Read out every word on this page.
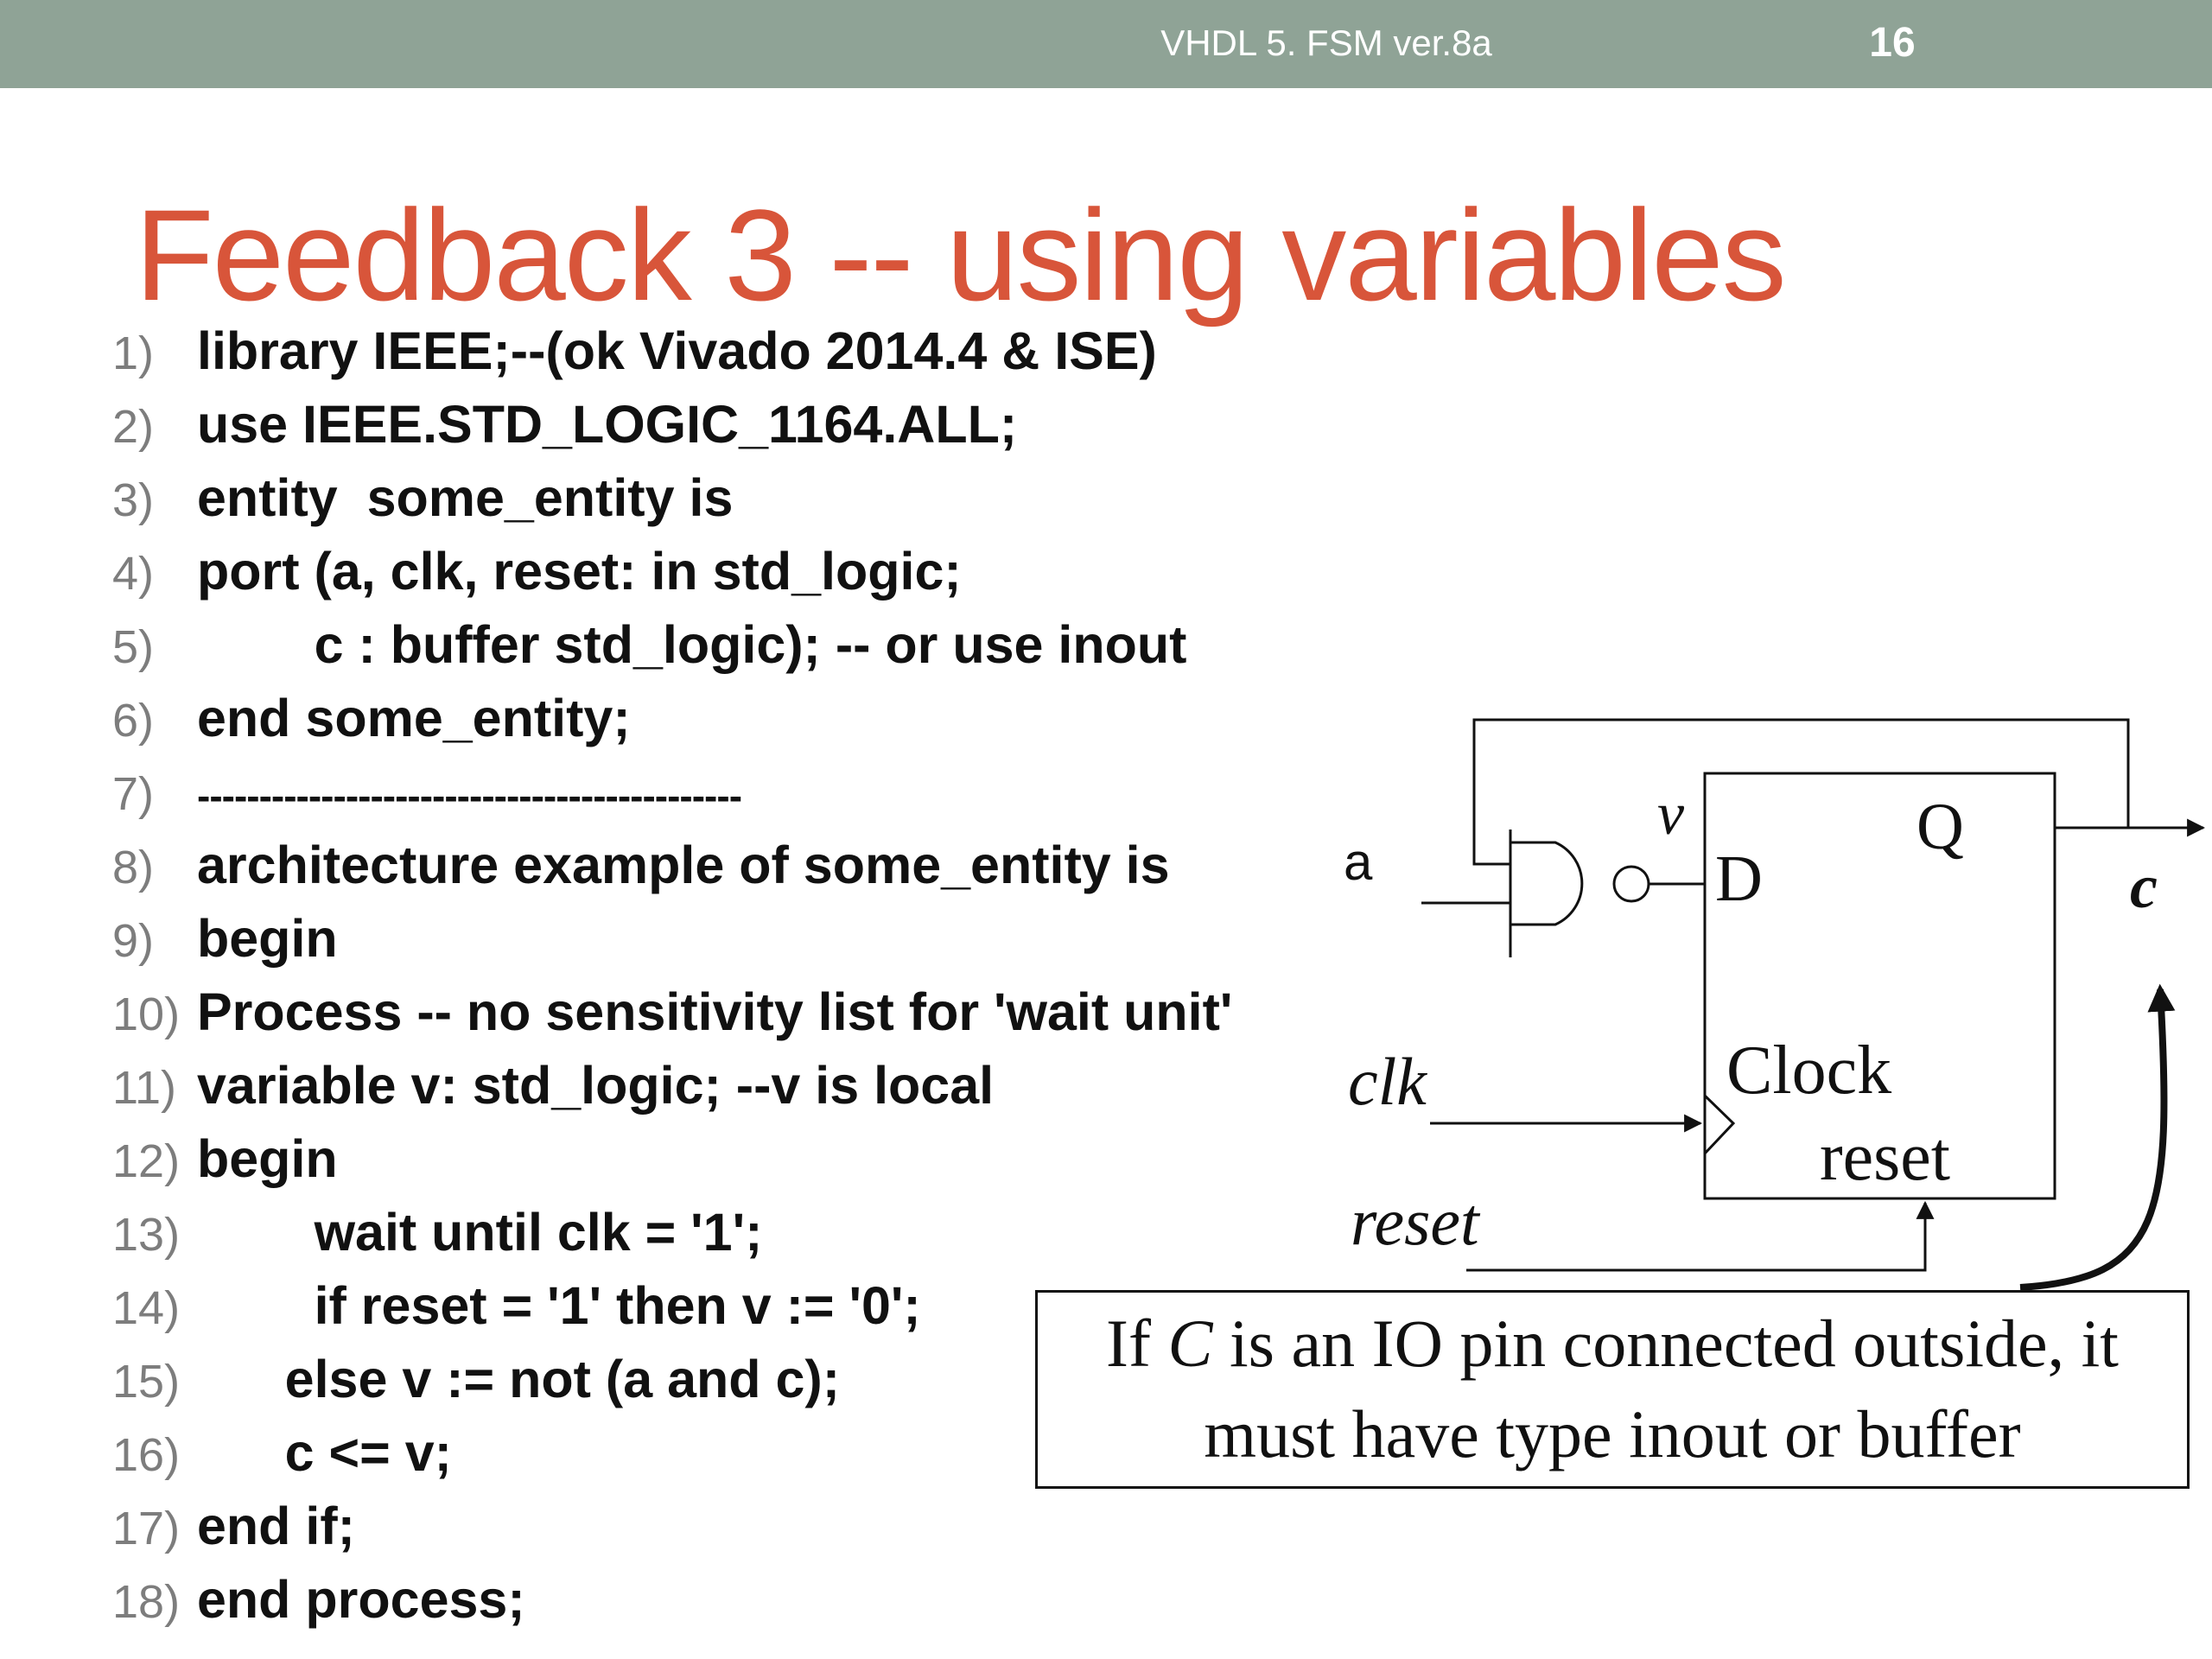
VHDL 5. FSM ver.8a	16
Feedback 3 -- using variables
1) library IEEE;--(ok Vivado 2014.4 & ISE)
2) use IEEE.STD_LOGIC_1164.ALL;
3) entity  some_entity is
4) port (a, clk, reset: in std_logic;
5)        c : buffer std_logic); -- or use inout
6) end some_entity;
7) --------------------------------------------
8) architecture example of some_entity is
9) begin
10) Process -- no sensitivity list for 'wait unit'
11) variable v: std_logic; --v is local
12) begin
13)        wait until clk = '1';
14)        if reset = '1' then v := '0';
15)      else v := not (a and c);
16)      c <= v;
17) end if;
18) end process;
a
clk
reset
v
D
Q
Clock
reset
c
If C is an IO pin connected outside, it
must have type inout or buffer
